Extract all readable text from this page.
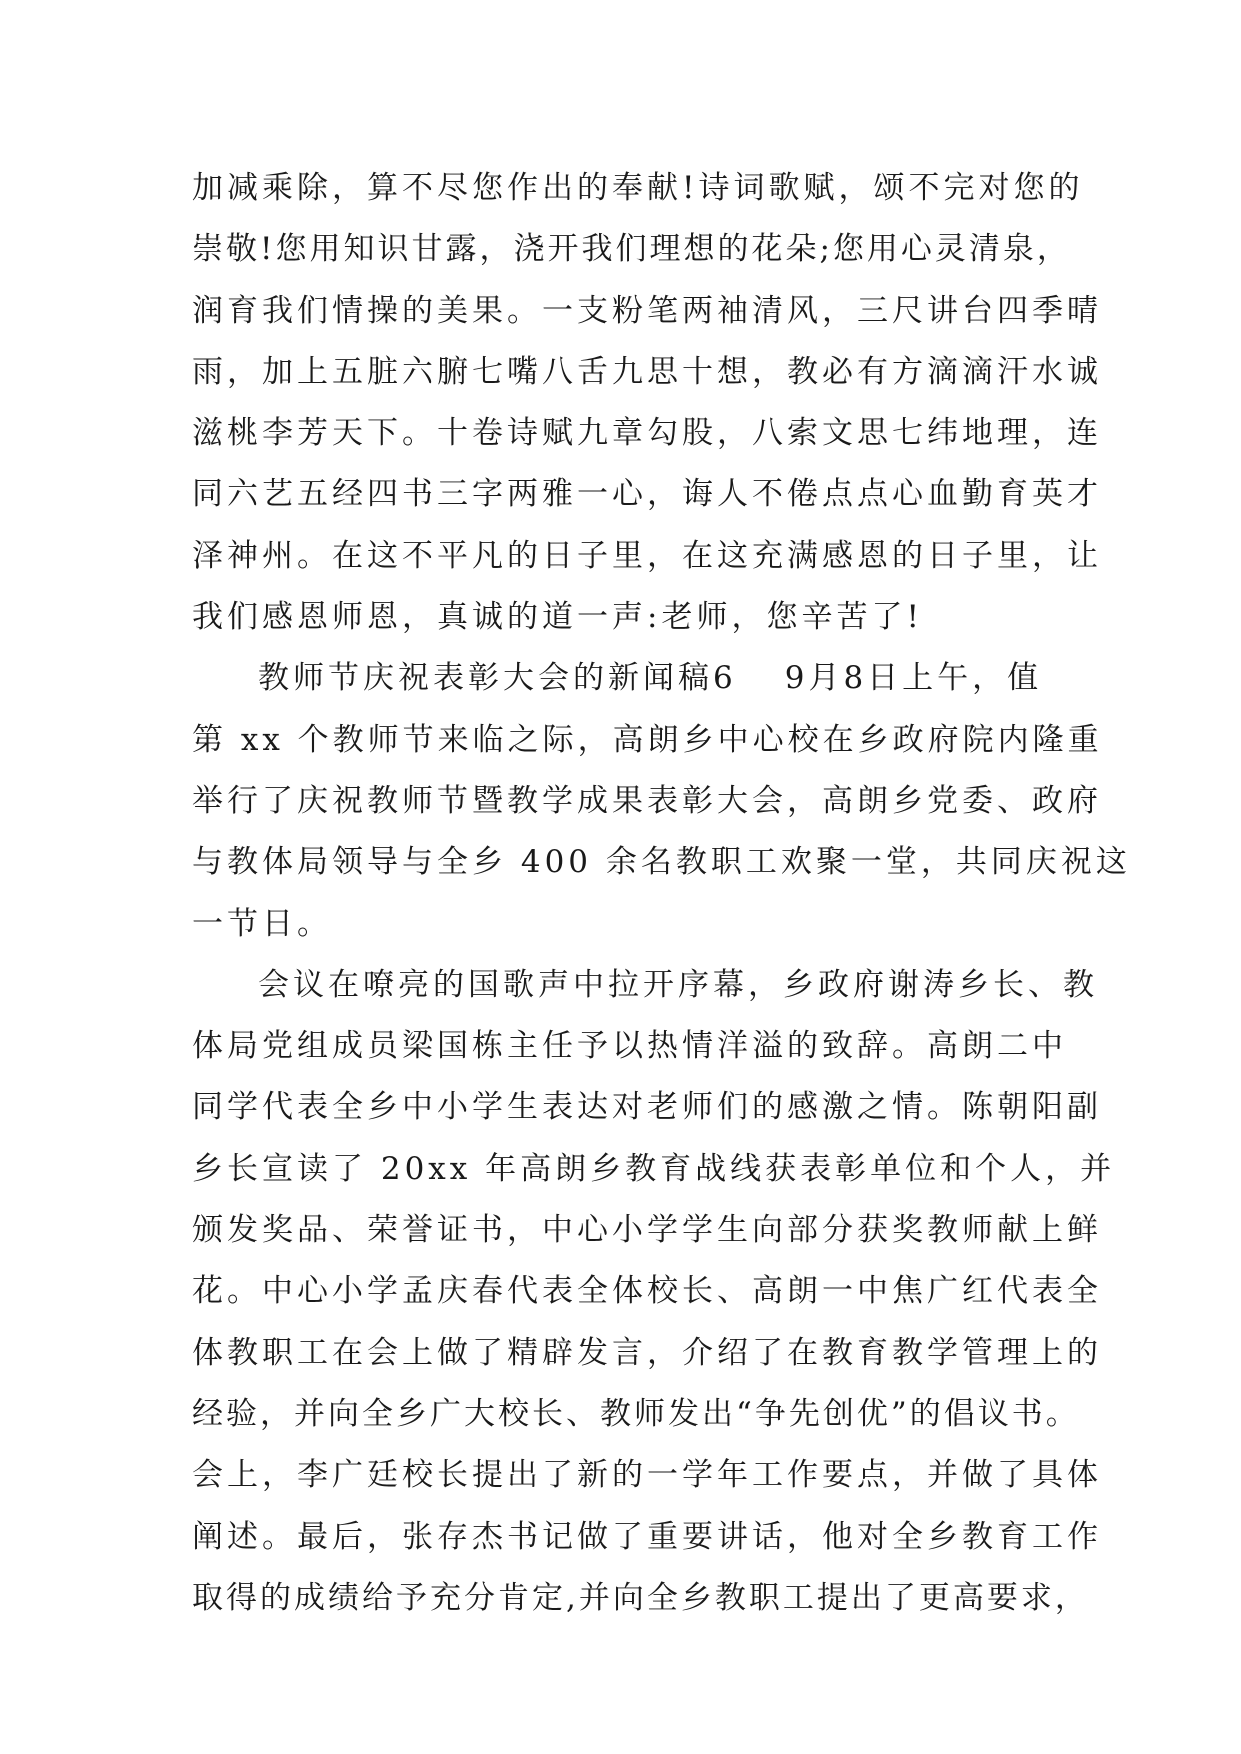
加减乘除，算不尽您作出的奉献!诗词歌赋，颂不完对您的
崇敬!您用知识甘露，浇开我们理想的花朵;您用心灵清泉，
润育我们情操的美果。一支粉笔两袖清风，三尺讲台四季晴
雨，加上五脏六腑七嘴八舌九思十想，教必有方滴滴汗水诚
滋桃李芳天下。十卷诗赋九章勾股，八索文思七纬地理，连
同六艺五经四书三字两雅一心，诲人不倦点点心血勤育英才
泽神州。在这不平凡的日子里，在这充满感恩的日子里，让
我们感恩师恩，真诚的道一声:老师，您辛苦了!
教师节庆祝表彰大会的新闻稿6 9月8日上午，值
第 xx 个教师节来临之际，高朗乡中心校在乡政府院内隆重
举行了庆祝教师节暨教学成果表彰大会，高朗乡党委、政府
与教体局领导与全乡 400 余名教职工欢聚一堂，共同庆祝这
一节日。
会议在嘹亮的国歌声中拉开序幕，乡政府谢涛乡长、教
体局党组成员梁国栋主任予以热情洋溢的致辞。高朗二中
同学代表全乡中小学生表达对老师们的感激之情。陈朝阳副
乡长宣读了 20xx 年高朗乡教育战线获表彰单位和个人，并
颁发奖品、荣誉证书，中心小学学生向部分获奖教师献上鲜
花。中心小学孟庆春代表全体校长、高朗一中焦广红代表全
体教职工在会上做了精辟发言，介绍了在教育教学管理上的
经验，并向全乡广大校长、教师发出“争先创优”的倡议书。
会上，李广廷校长提出了新的一学年工作要点，并做了具体
阐述。最后，张存杰书记做了重要讲话，他对全乡教育工作
取得的成绩给予充分肯定,并向全乡教职工提出了更高要求，
